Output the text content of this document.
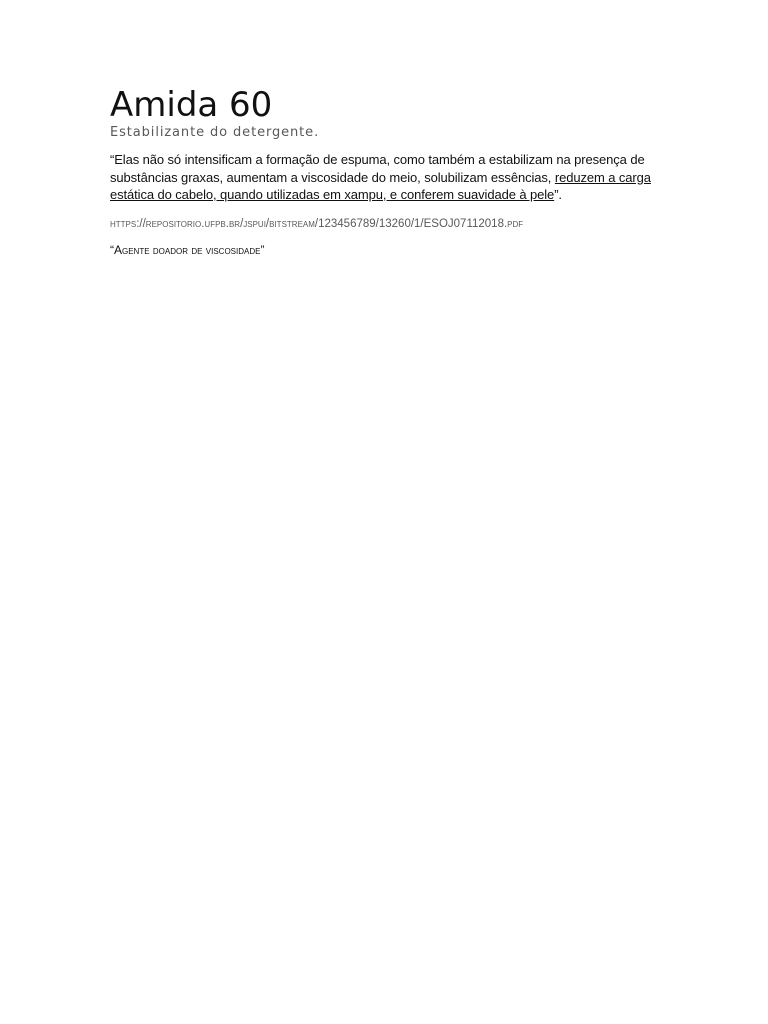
Amida 60
Estabilizante do detergente.

“Elas não só intensificam a formação de espuma, como também a estabilizam na presença de substâncias graxas, aumentam a viscosidade do meio, solubilizam essências, reduzem a carga estática do cabelo, quando utilizadas em xampu, e conferem suavidade à pele”.

https://repositorio.ufpb.br/jspui/bitstream/123456789/13260/1/ESOJ07112018.pdf

“Agente doador de viscosidade”
